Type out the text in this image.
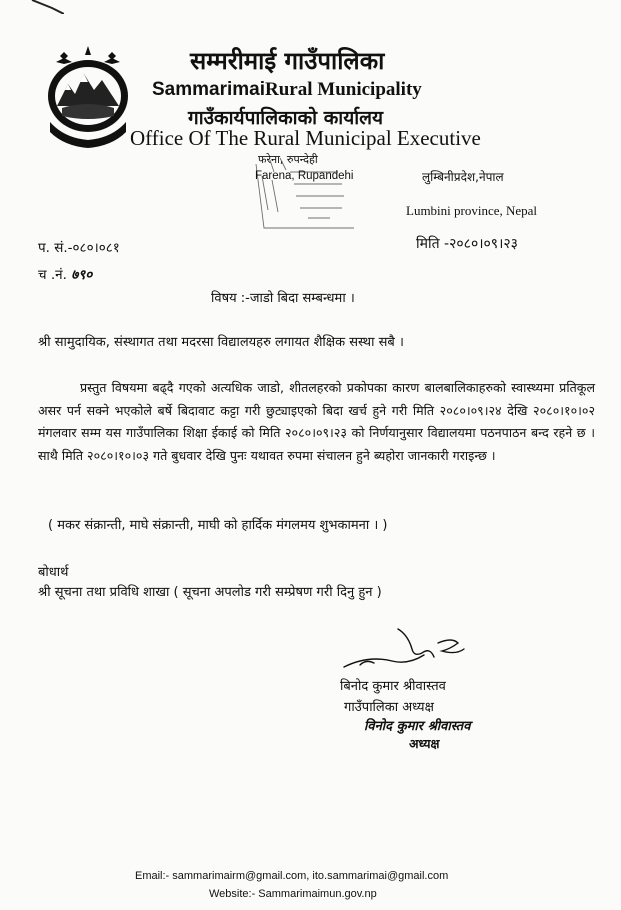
सम्मरीमाई गाउँपालिका
SammarimaiRural Municipality
गाउँकार्यपालिकाको कार्यालय
Office Of The Rural Municipal Executive
फरेना, रुपन्देही
Farena, Rupandehi	लुम्बिनीप्रदेश,नेपाल
Lumbini province, Nepal
प. सं.-०८०।०८१	मिति -२०८०।०९।२३
च .नं. ७९०
विषय :-जाडो बिदा सम्बन्धमा ।
श्री सामुदायिक, संस्थागत तथा मदरसा विद्यालयहरु लगायत शैक्षिक सस्था सबै ।
प्रस्तुत विषयमा बढ्दै गएको अत्यधिक जाडो, शीतलहरको प्रकोपका कारण बालबालिकाहरुको स्वास्थ्यमा प्रतिकूल असर पर्न सक्ने भएकोले बर्षे बिदावाट कट्टा गरी छुट्याइएको बिदा खर्च हुने गरी मिति २०८०।०९।२४ देखि २०८०।१०।०२ मंगलवार सम्म यस गाउँपालिका शिक्षा ईकाई को मिति २०८०।०९।२३ को निर्णयानुसार विद्यालयमा पठनपाठन बन्द रहने छ । साथै मिति २०८०।१०।०३ गते बुधवार देखि पुनः यथावत रुपमा संचालन हुने ब्यहोरा जानकारी गराइन्छ ।
( मकर संक्रान्ती, माघे संक्रान्ती, माघी को हार्दिक मंगलमय शुभकामना । )
बोधार्थ
श्री सूचना तथा प्रविधि शाखा ( सूचना अपलोड गरी सम्प्रेषण गरी दिनु हुन )
बिनोद कुमार श्रीवास्तव
गाउँपालिका अध्यक्ष
विनोद कुमार श्रीवास्तव
अध्यक्ष
Email:- sammarimairm@gmail.com, ito.sammarimai@gmail.com
Website:- Sammarimaimun.gov.np
